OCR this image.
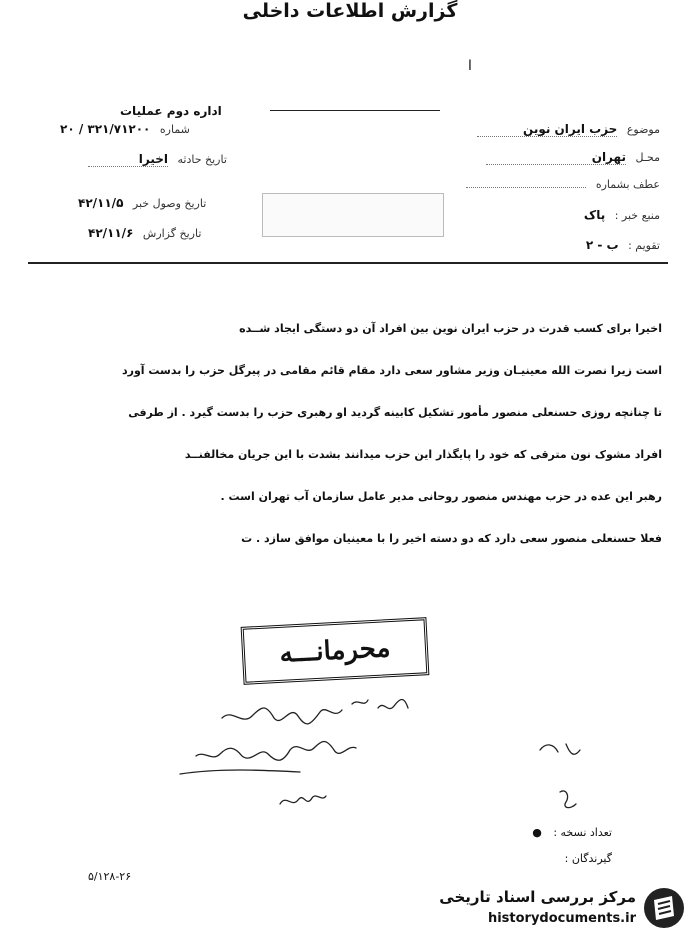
ا
گزارش اطلاعات داخلی
موضوع حزب ایران نوین
محـل تهران
عطف بشماره
منبع خبر : پاک
تقویم : ب - ۲
اداره دوم عملیات
شماره ۳۲۱/۷۱۲۰۰ / ۲۰
تاریخ حادثه اخیرا
تاریخ وصول خبر ۴۲/۱۱/۵
تاریخ گزارش ۴۲/۱۱/۶

اخیرا برای کسب قدرت در حزب ایران نوین بین افراد آن دو دستگی ایجاد شــده

است زیرا نصرت الله معینیـان وزیر مشاور سعی دارد مقام قائم مقامی در پیرگل حزب را بدست آورد

تا چنانچه روزی حسنعلی منصور مأمور تشکیل کابینه گردید او رهبری حزب را بدست گیرد . از طرفی

افراد مشوک نون مترقی که خود را پایگذار این حزب میدانند بشدت با این جریان مخالفنــد

رهبر این عده در حزب مهندس منصور روحانی مدیر عامل سازمان آب تهران است .

فعلا حسنعلی منصور سعی دارد که دو دسته اخیر را با معینیان موافق سازد . ت

محرمانـــه
تعداد نسخه : ●
گیرندگان :
۵/۱۲۸-۲۶
مرکز بررسی اسناد تاریخی
historydocuments.ir
